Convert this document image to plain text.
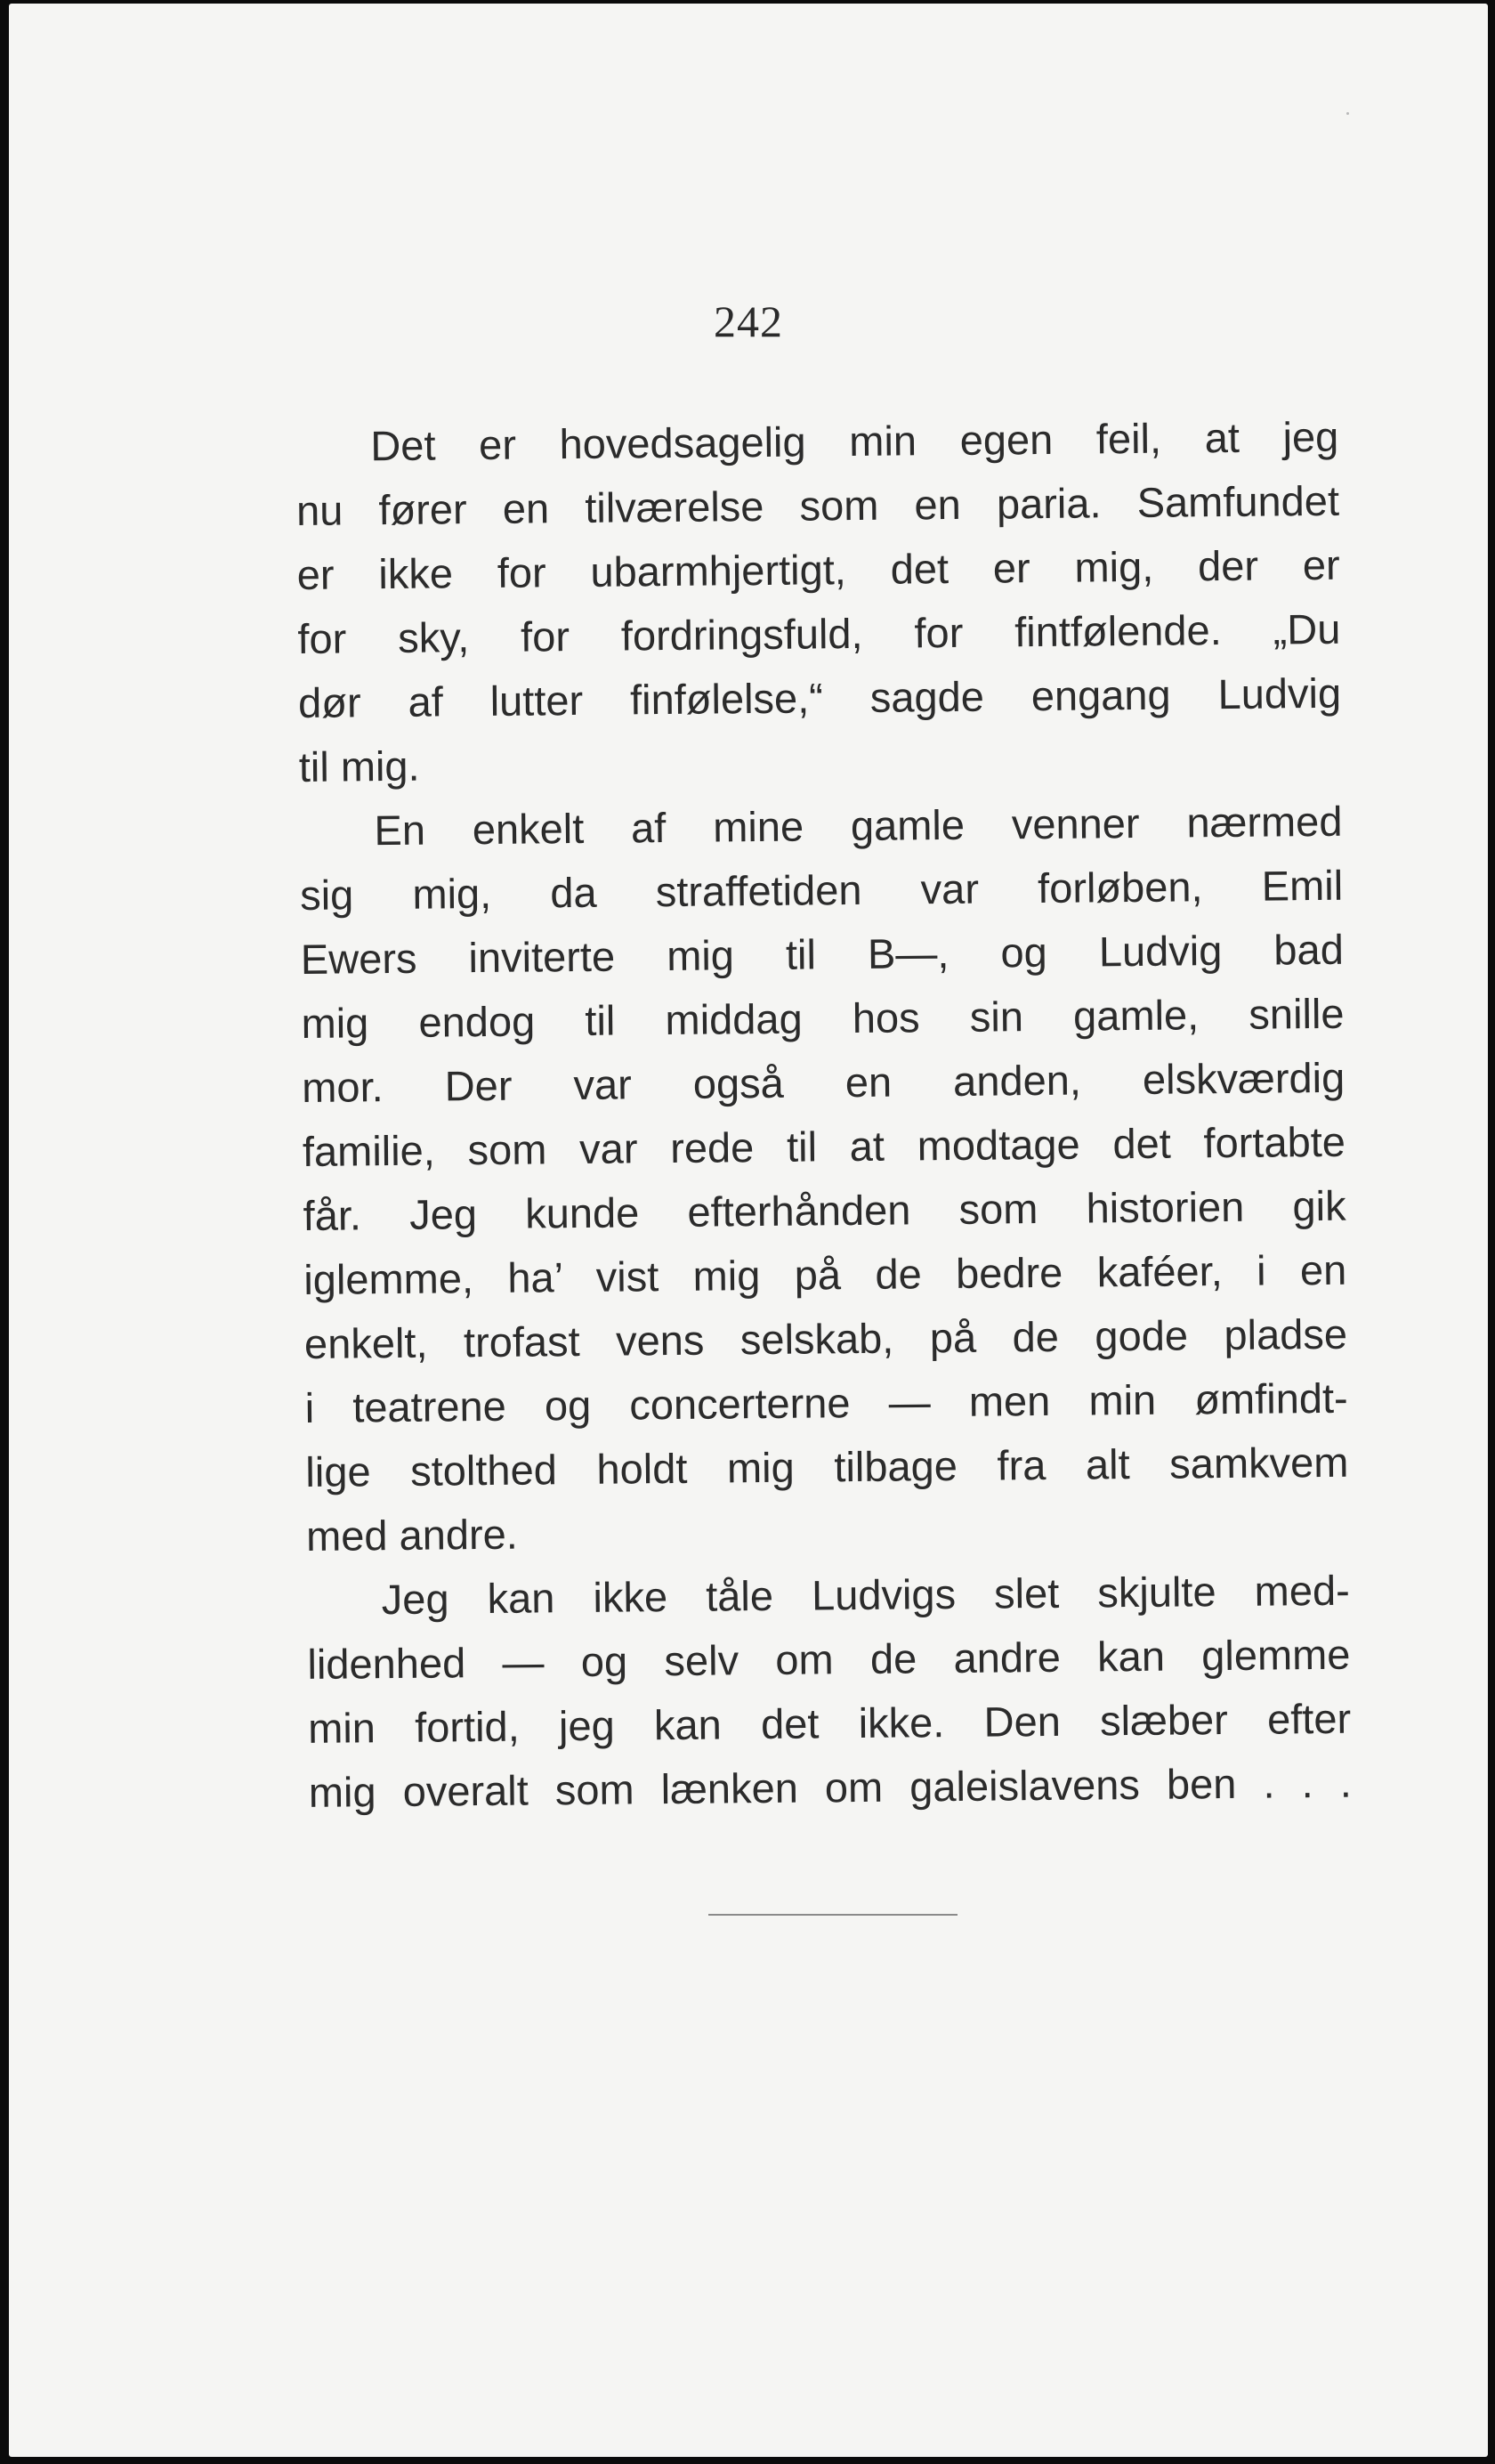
242
Det er hovedsagelig min egen feil, at jeg
nu fører en tilværelse som en paria. Samfundet
er ikke for ubarmhjertigt, det er mig, der er
for sky, for fordringsfuld, for fintfølende. „Du
dør af lutter finfølelse,“ sagde engang Ludvig
til mig.
En enkelt af mine gamle venner nærmed
sig mig, da straffetiden var forløben, Emil
Ewers inviterte mig til B—, og Ludvig bad
mig endog til middag hos sin gamle, snille
mor. Der var også en anden, elskværdig
familie, som var rede til at modtage det fortabte
får. Jeg kunde efterhånden som historien gik
iglemme, ha’ vist mig på de bedre kaféer, i en
enkelt, trofast vens selskab, på de gode pladse
i teatrene og concerterne — men min ømfindt-
lige stolthed holdt mig tilbage fra alt samkvem
med andre.
Jeg kan ikke tåle Ludvigs slet skjulte med-
lidenhed — og selv om de andre kan glemme
min fortid, jeg kan det ikke. Den slæber efter
mig overalt som lænken om galeislavens ben . . .
